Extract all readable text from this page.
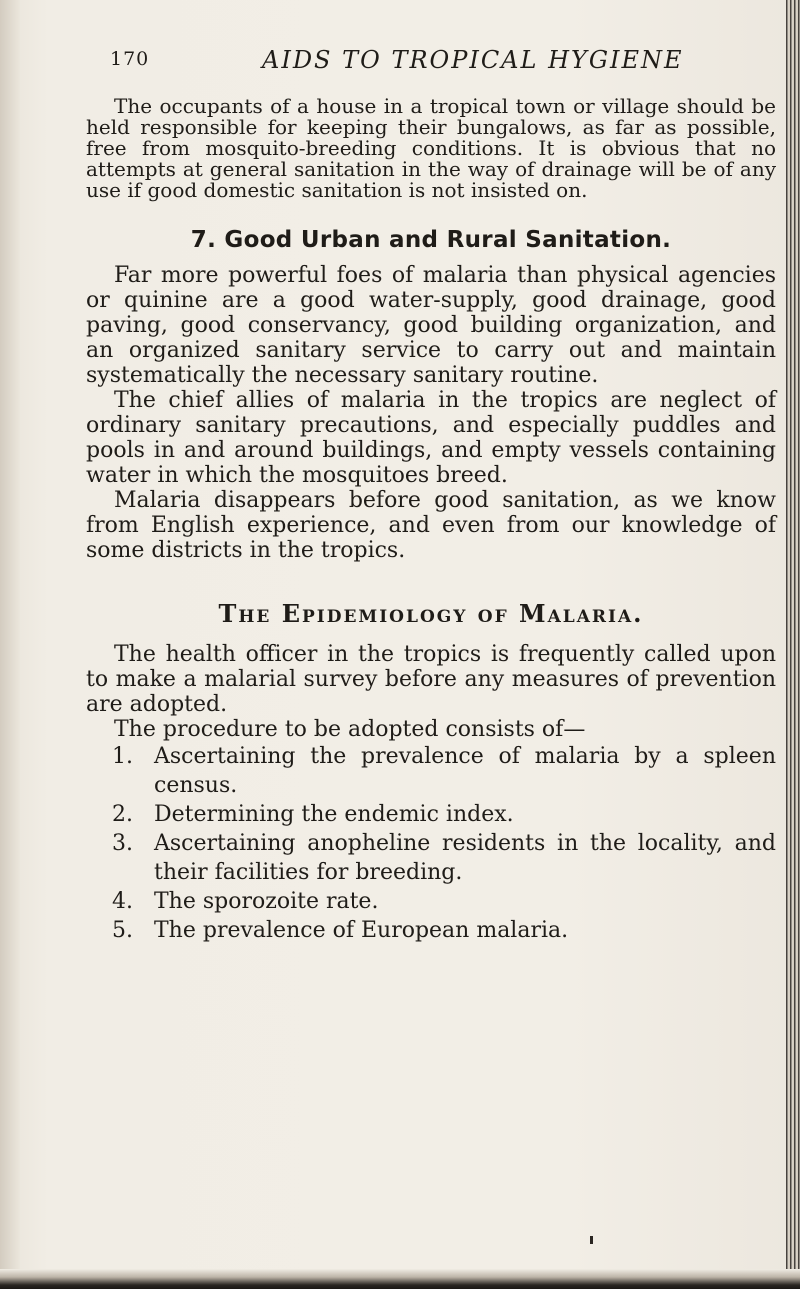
170	AIDS TO TROPICAL HYGIENE

The occupants of a house in a tropical town or village should be held responsible for keeping their bungalows, as far as possible, free from mosquito-breeding conditions. It is obvious that no attempts at general sanitation in the way of drainage will be of any use if good domestic sanitation is not insisted on.

7. Good Urban and Rural Sanitation.

Far more powerful foes of malaria than physical agencies or quinine are a good water-supply, good drainage, good paving, good conservancy, good building organization, and an organized sanitary service to carry out and maintain systematically the necessary sanitary routine.

The chief allies of malaria in the tropics are neglect of ordinary sanitary precautions, and especially puddles and pools in and around buildings, and empty vessels containing water in which the mosquitoes breed.

Malaria disappears before good sanitation, as we know from English experience, and even from our knowledge of some districts in the tropics.

The Epidemiology of Malaria.

The health officer in the tropics is frequently called upon to make a malarial survey before any measures of prevention are adopted.

The procedure to be adopted consists of—

1. Ascertaining the prevalence of malaria by a spleen census.
2. Determining the endemic index.
3. Ascertaining anopheline residents in the locality, and their facilities for breeding.
4. The sporozoite rate.
5. The prevalence of European malaria.
